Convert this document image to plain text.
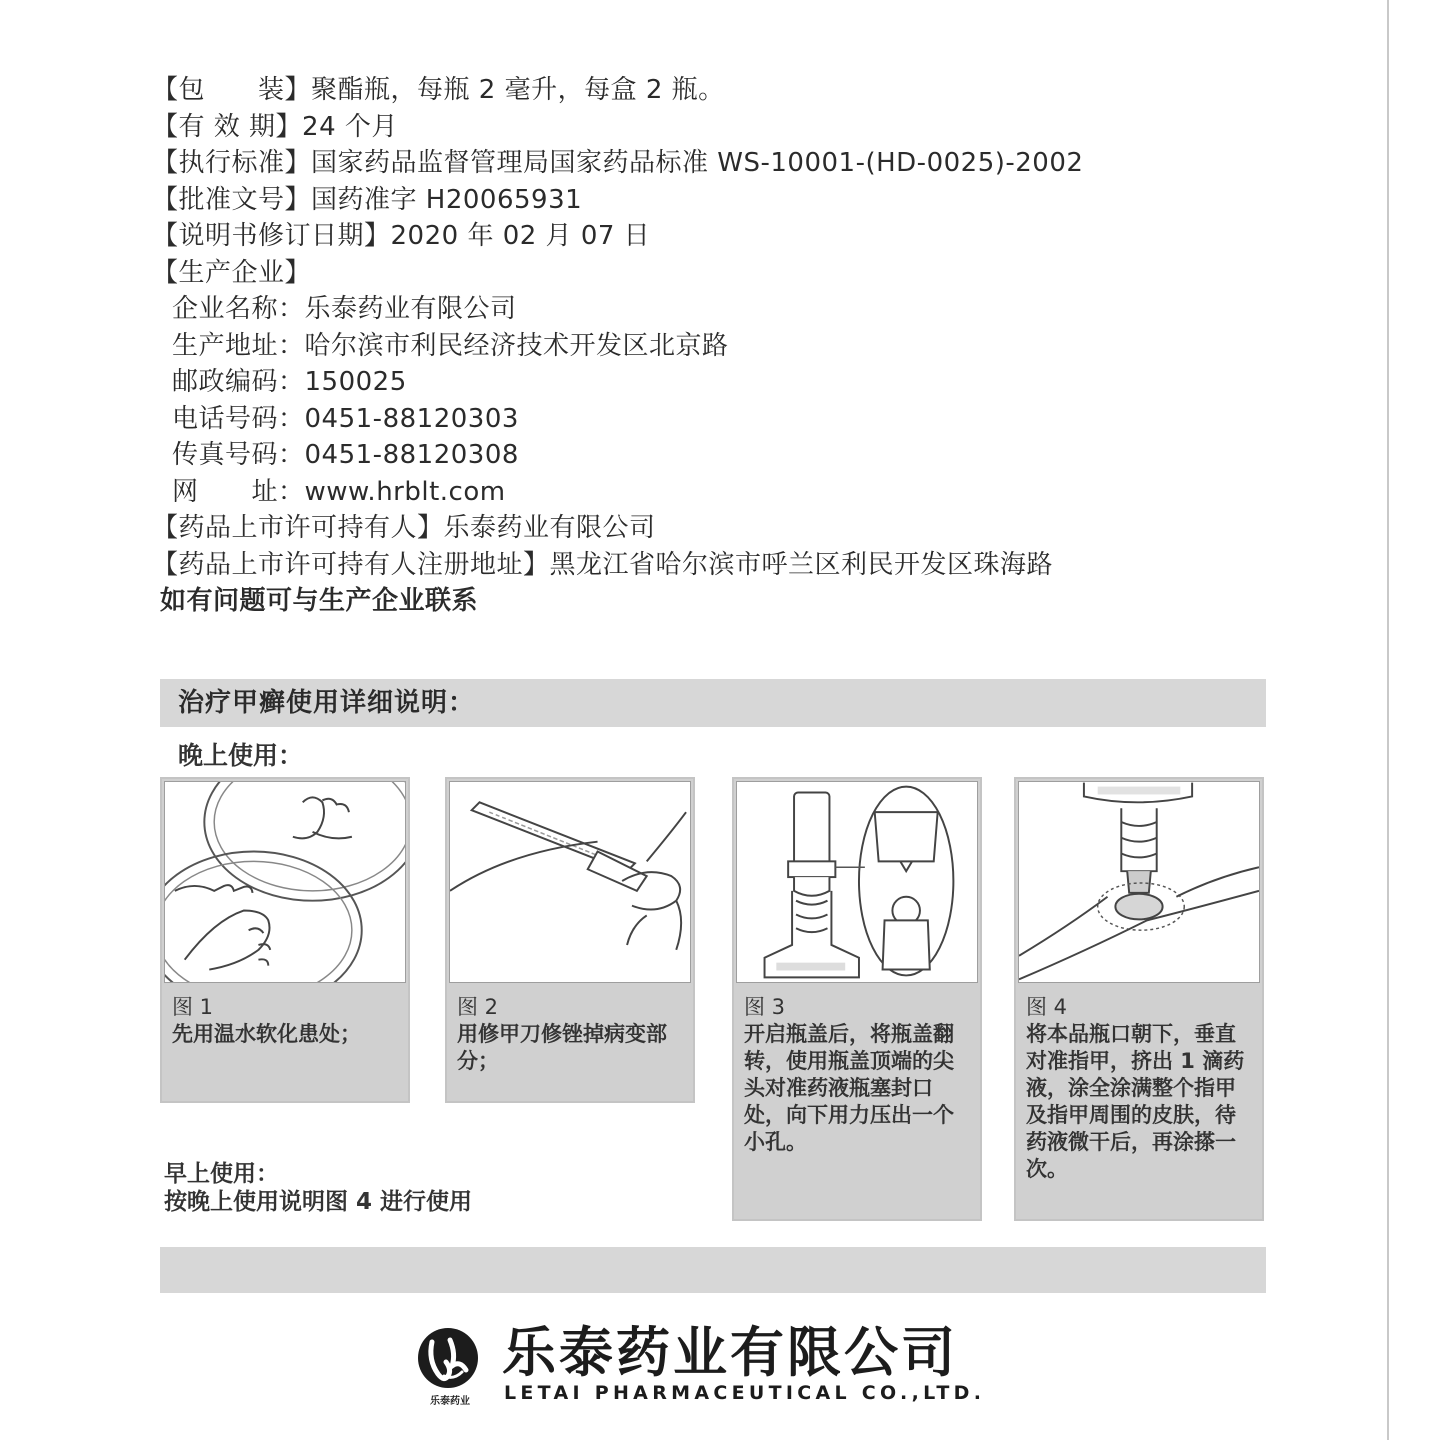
【包　　装】聚酯瓶，每瓶 2 毫升，每盒 2 瓶。
【有 效 期】24 个月
【执行标准】国家药品监督管理局国家药品标准 WS-10001-(HD-0025)-2002
【批准文号】国药准字 H20065931
【说明书修订日期】2020 年 02 月 07 日
【生产企业】
企业名称：乐泰药业有限公司
生产地址：哈尔滨市利民经济技术开发区北京路
邮政编码：150025
电话号码：0451-88120303
传真号码：0451-88120308
网　　址：www.hrblt.com
【药品上市许可持有人】乐泰药业有限公司
【药品上市许可持有人注册地址】黑龙江省哈尔滨市呼兰区利民开发区珠海路
如有问题可与生产企业联系
治疗甲癣使用详细说明：
晚上使用：
图 1
先用温水软化患处；
图 2
用修甲刀修锉掉病变部分；
图 3
开启瓶盖后，将瓶盖翻转，使用瓶盖顶端的尖头对准药液瓶塞封口处，向下用力压出一个小孔。
图 4
将本品瓶口朝下，垂直对准指甲，挤出 1 滴药液，涂全涂满整个指甲及指甲周围的皮肤，待药液微干后，再涂搽一次。
早上使用：
按晚上使用说明图 4 进行使用
乐泰药业
乐泰药业有限公司
LETAI PHARMACEUTICAL CO.,LTD.
